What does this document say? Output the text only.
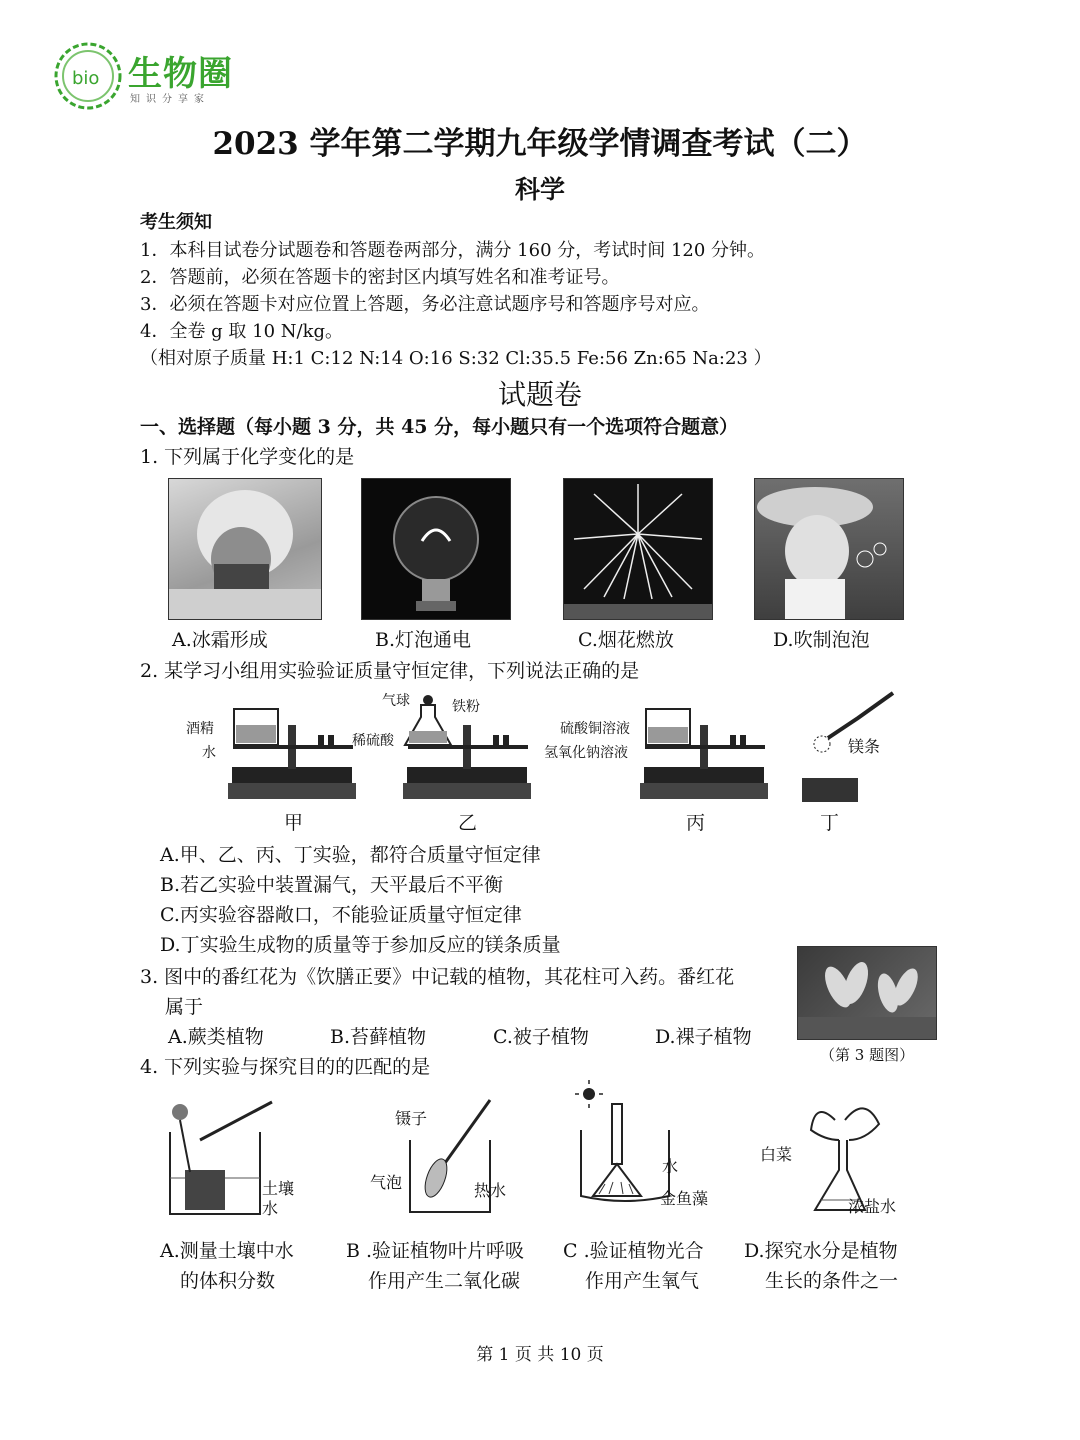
bio 生物圈
知识分享家
2023 学年第二学期九年级学情调查考试（二）
科学
考生须知
1．本科目试卷分试题卷和答题卷两部分，满分 160 分，考试时间 120 分钟。
2．答题前，必须在答题卡的密封区内填写姓名和准考证号。
3．必须在答题卡对应位置上答题，务必注意试题序号和答题序号对应。
4．全卷 g 取 10 N/kg。
（相对原子质量 H:1 C:12 N:14 O:16 S:32 Cl:35.5 Fe:56 Zn:65 Na:23 ）
试题卷
一、选择题（每小题 3 分，共 45 分，每小题只有一个选项符合题意）
1. 下列属于化学变化的是
A.冰霜形成	B.灯泡通电	C.烟花燃放	D.吹制泡泡
2. 某学习小组用实验验证质量守恒定律，下列说法正确的是
酒精
水
气球	铁粉
稀硫酸
硫酸铜溶液
氢氧化钠溶液	镁条
甲	乙	丙	丁
A.甲、乙、丙、丁实验，都符合质量守恒定律
B.若乙实验中装置漏气，天平最后不平衡
C.丙实验容器敞口，不能验证质量守恒定律
D.丁实验生成物的质量等于参加反应的镁条质量
3. 图中的番红花为《饮膳正要》中记载的植物，其花柱可入药。番红花
属于
A.蕨类植物	B.苔藓植物	C.被子植物	D.裸子植物
（第 3 题图）
4. 下列实验与探究目的的匹配的是
土壤
水
镊子
气泡	热水
水
金鱼藻
白菜
浓盐水
A.测量土壤中水
的体积分数
B .验证植物叶片呼吸
作用产生二氧化碳
C .验证植物光合
作用产生氧气
D.探究水分是植物
生长的条件之一
第 1 页 共 10 页
